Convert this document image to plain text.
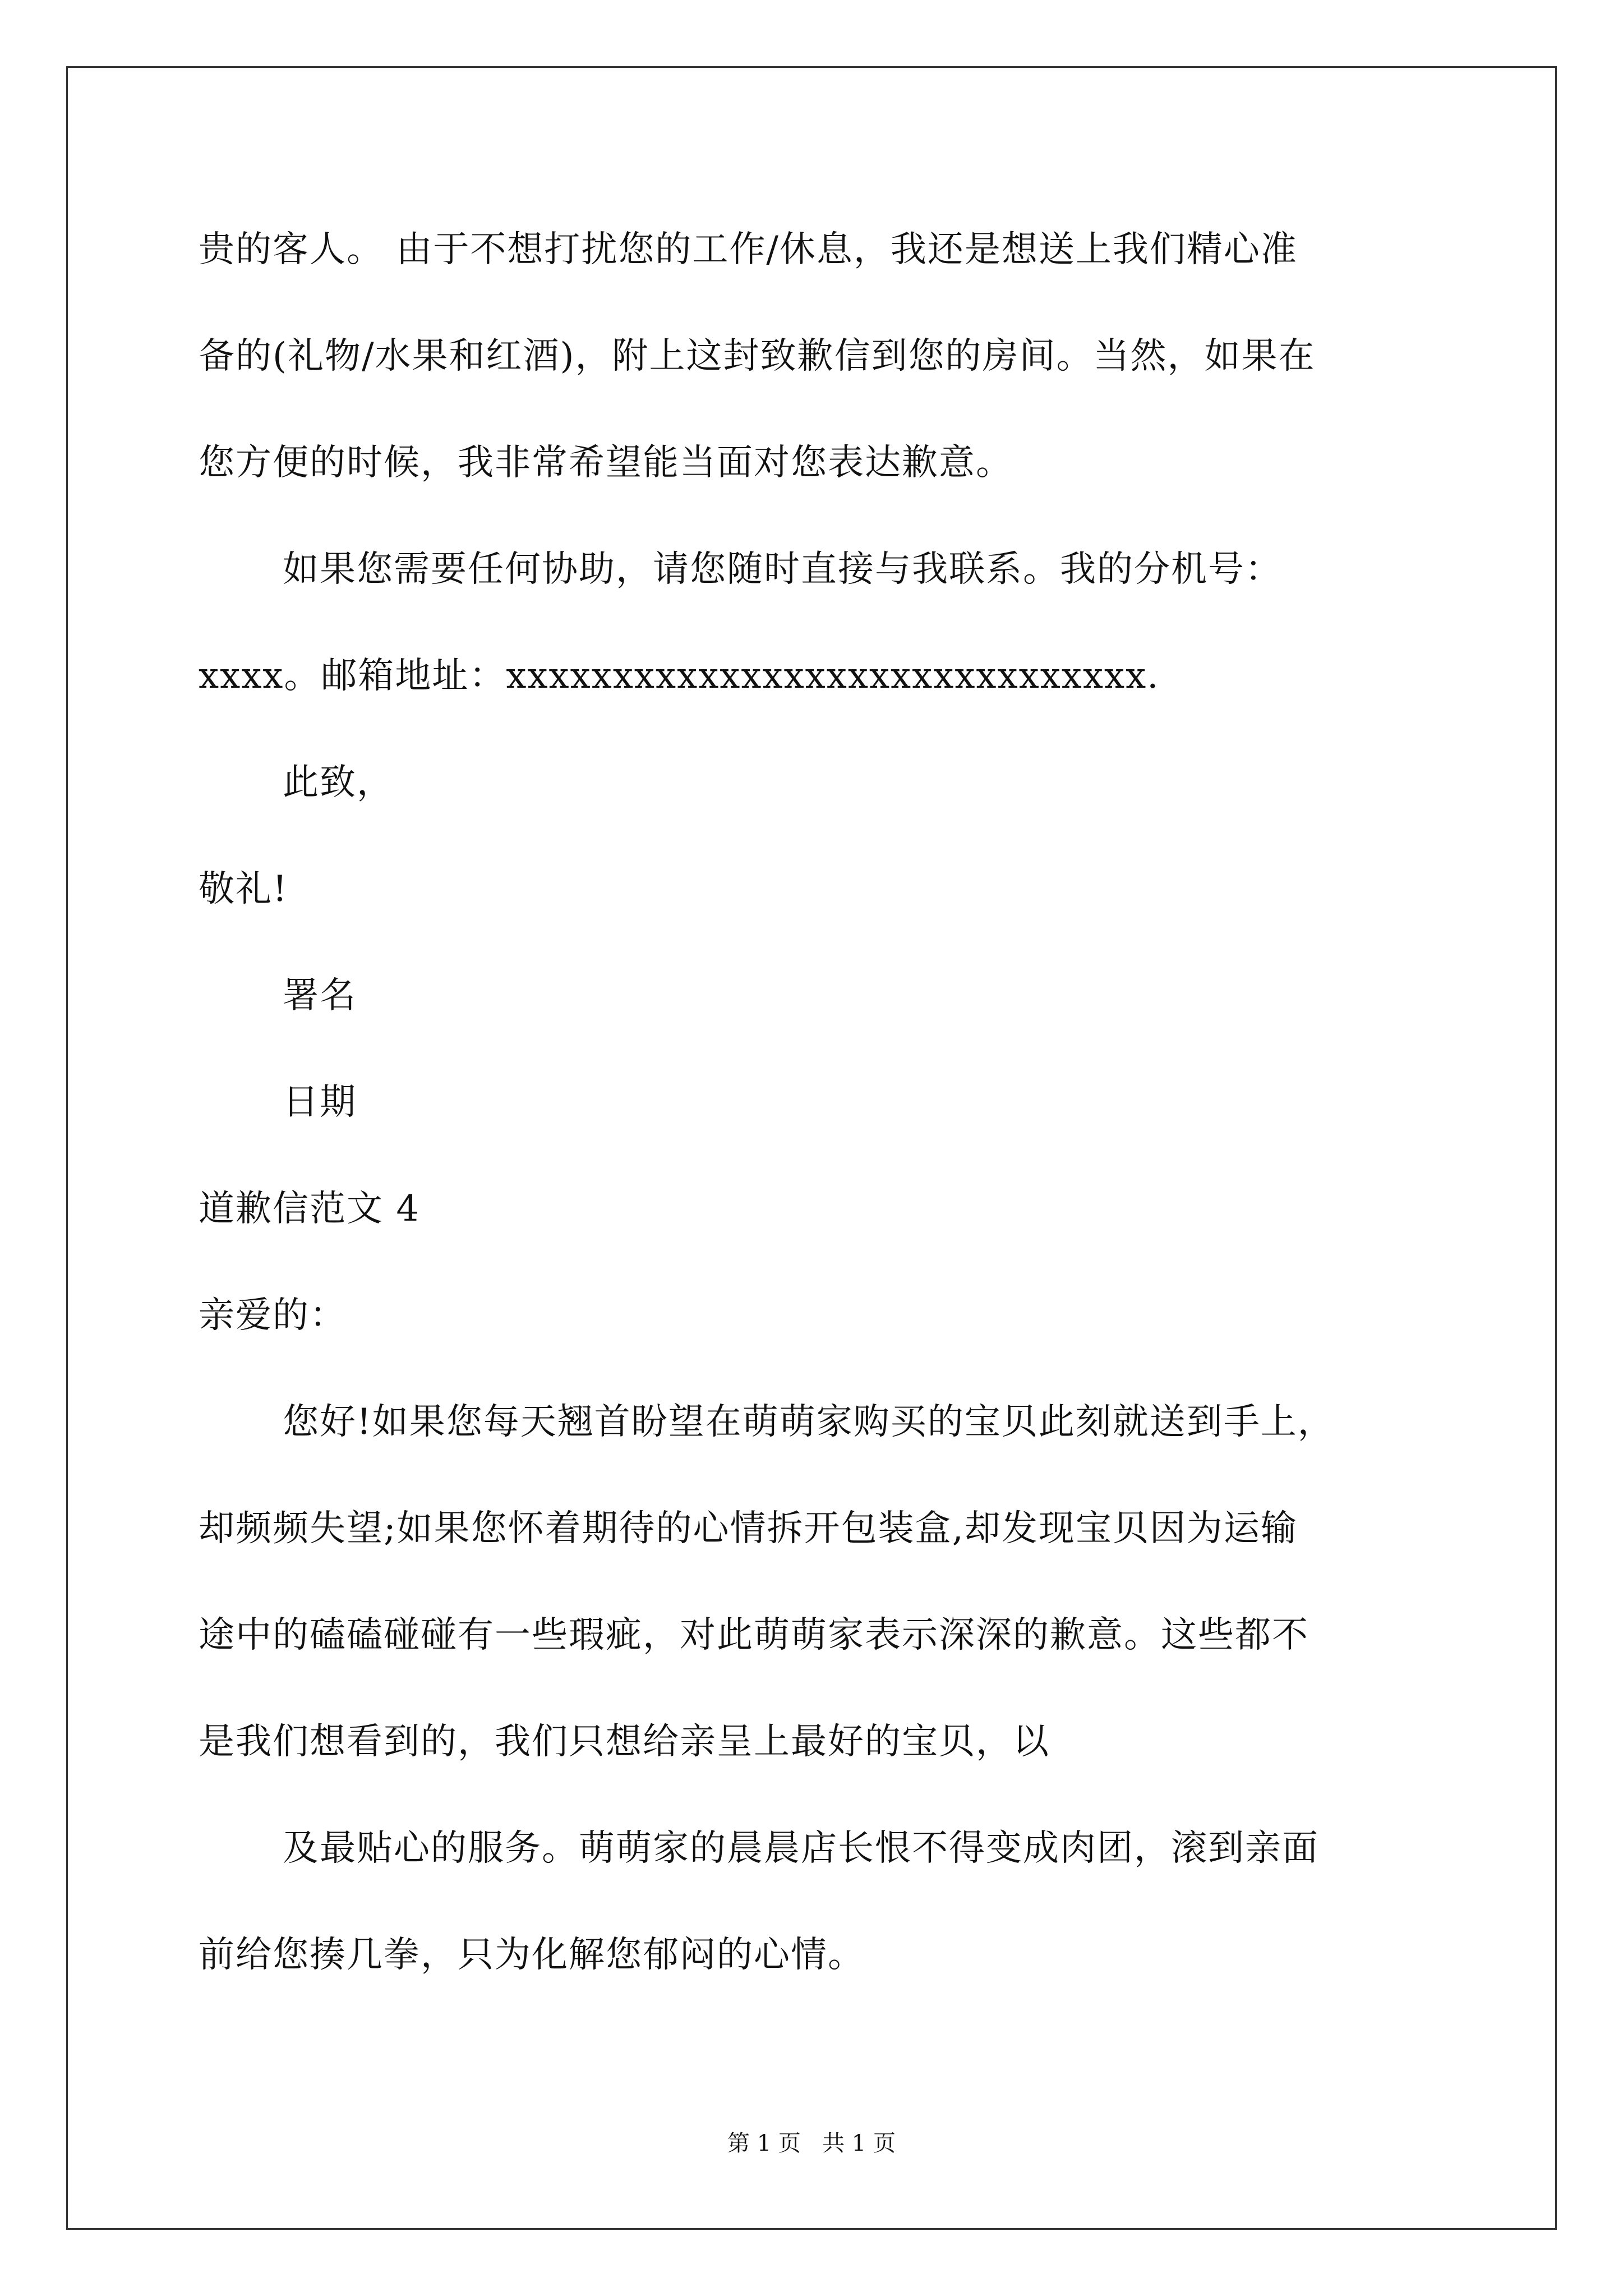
贵的客人。 由于不想打扰您的工作/休息，我还是想送上我们精心准
备的(礼物/水果和红酒)，附上这封致歉信到您的房间。当然，如果在
您方便的时候，我非常希望能当面对您表达歉意。
如果您需要任何协助，请您随时直接与我联系。我的分机号：
xxxx。邮箱地址：xxxxxxxxxxxxxxxxxxxxxxxxxxxxxx.
此致，
敬礼!
署名
日期
道歉信范文 4
亲爱的：
您好!如果您每天翘首盼望在萌萌家购买的宝贝此刻就送到手上，
却频频失望;如果您怀着期待的心情拆开包装盒,却发现宝贝因为运输
途中的磕磕碰碰有一些瑕疵，对此萌萌家表示深深的歉意。这些都不
是我们想看到的，我们只想给亲呈上最好的宝贝，以
及最贴心的服务。萌萌家的晨晨店长恨不得变成肉团，滚到亲面
前给您揍几拳，只为化解您郁闷的心情。
第 1 页   共 1 页
